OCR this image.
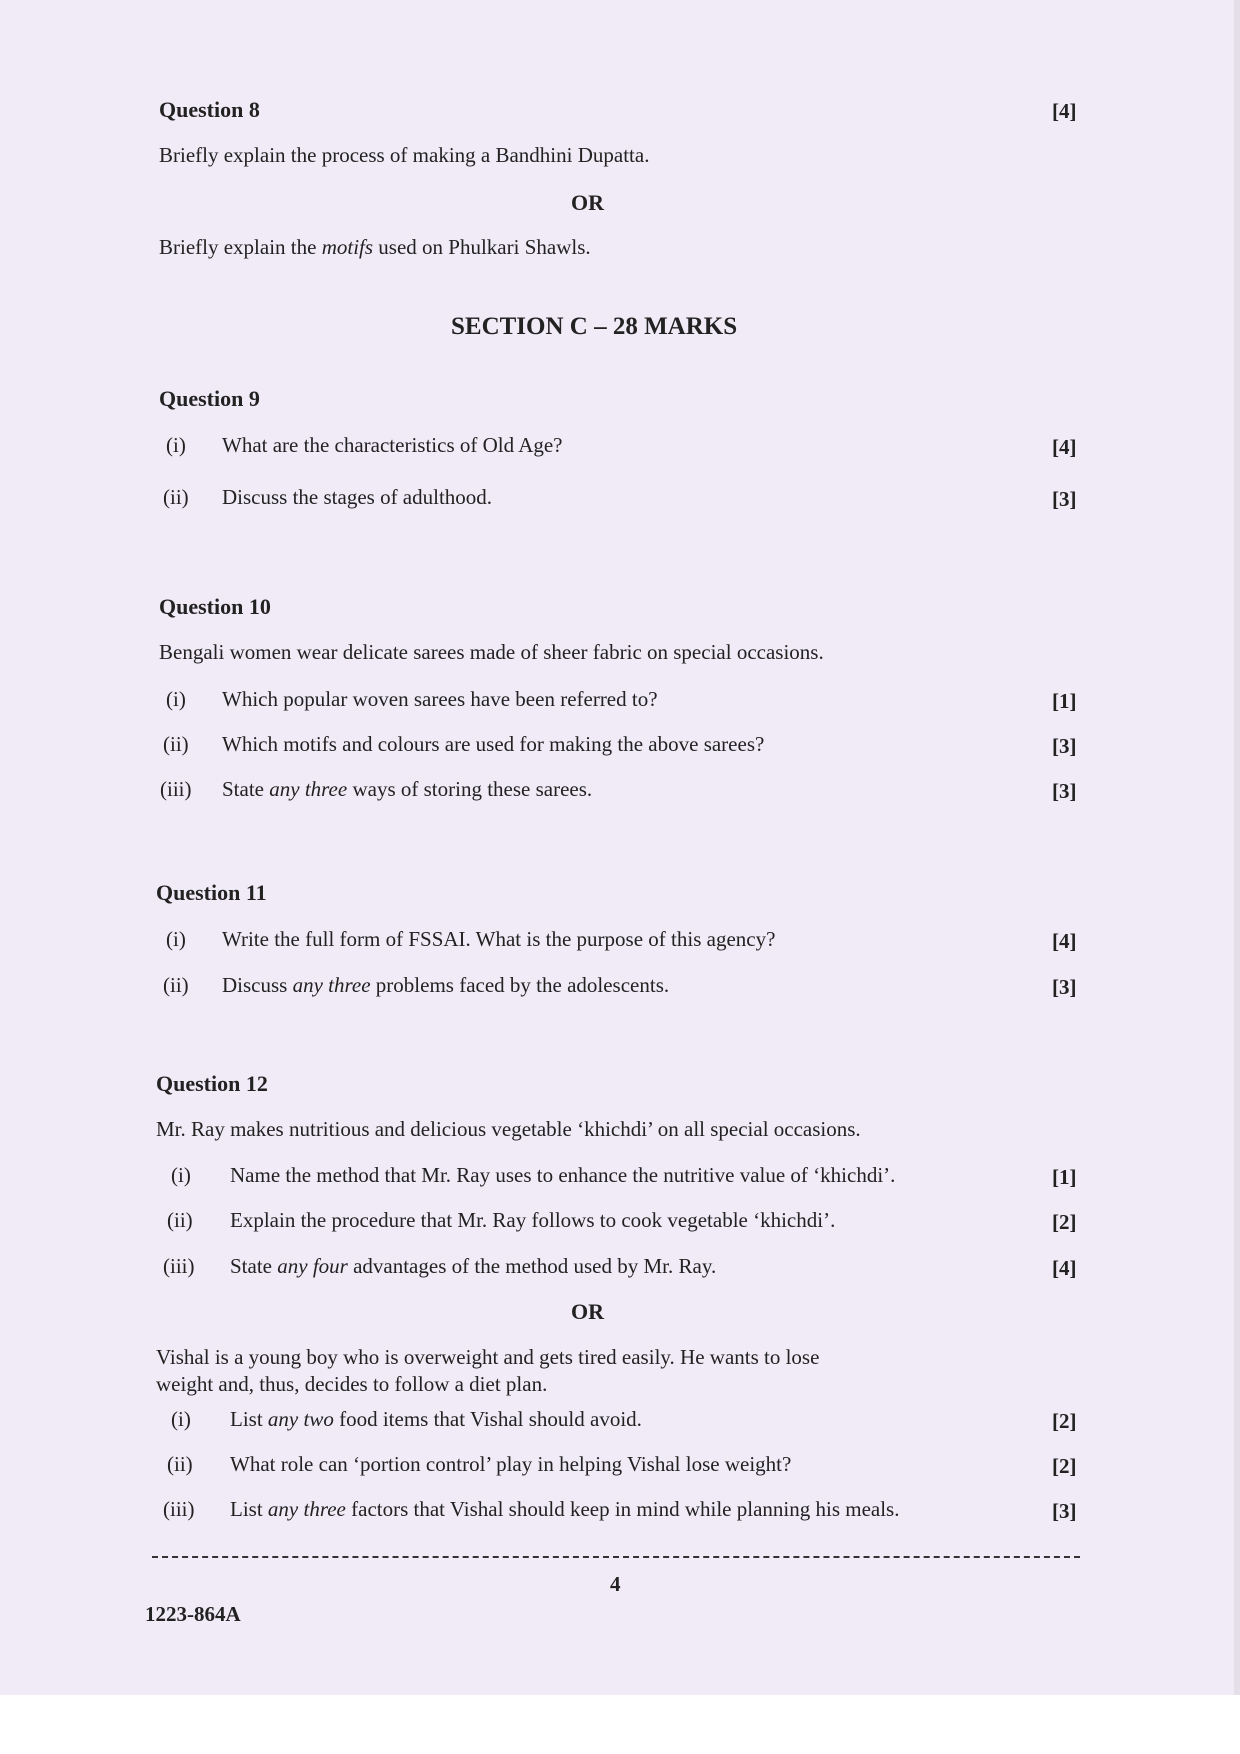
Question 8	[4]
Briefly explain the process of making a Bandhini Dupatta.
OR
Briefly explain the motifs used on Phulkari Shawls.
SECTION C – 28 MARKS
Question 9
(i) What are the characteristics of Old Age?	[4]
(ii) Discuss the stages of adulthood.	[3]
Question 10
Bengali women wear delicate sarees made of sheer fabric on special occasions.
(i) Which popular woven sarees have been referred to?	[1]
(ii) Which motifs and colours are used for making the above sarees?	[3]
(iii) State any three ways of storing these sarees.	[3]
Question 11
(i) Write the full form of FSSAI. What is the purpose of this agency?	[4]
(ii) Discuss any three problems faced by the adolescents.	[3]
Question 12
Mr. Ray makes nutritious and delicious vegetable ‘khichdi’ on all special occasions.
(i) Name the method that Mr. Ray uses to enhance the nutritive value of ‘khichdi’.	[1]
(ii) Explain the procedure that Mr. Ray follows to cook vegetable ‘khichdi’.	[2]
(iii) State any four advantages of the method used by Mr. Ray.	[4]
OR
Vishal is a young boy who is overweight and gets tired easily. He wants to lose
weight and, thus, decides to follow a diet plan.
(i) List any two food items that Vishal should avoid.	[2]
(ii) What role can ‘portion control’ play in helping Vishal lose weight?	[2]
(iii) List any three factors that Vishal should keep in mind while planning his meals.	[3]
4
1223-864A
